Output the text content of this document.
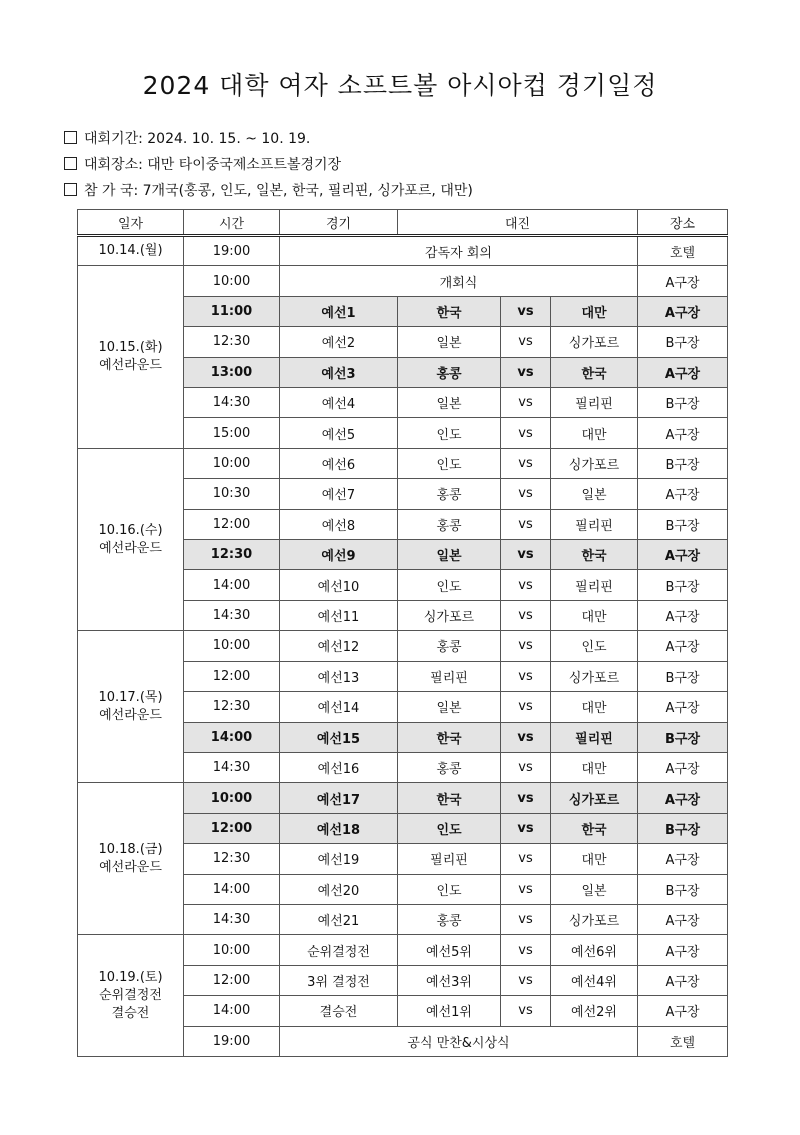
2024 대학 여자 소프트볼 아시아컵 경기일정
대회기간: 2024. 10. 15. ~ 10. 19.
대회장소: 대만 타이중국제소프트볼경기장
참 가 국: 7개국(홍콩, 인도, 일본, 한국, 필리핀, 싱가포르, 대만)
일자	시간	경기	대진			장소
10.14.(월)	19:00	감독자 회의				호텔
10.15.(화)
예선라운드	10:00	개회식				A구장
	11:00	예선1	한국	vs	대만	A구장
	12:30	예선2	일본	vs	싱가포르	B구장
	13:00	예선3	홍콩	vs	한국	A구장
	14:30	예선4	일본	vs	필리핀	B구장
	15:00	예선5	인도	vs	대만	A구장
10.16.(수)
예선라운드	10:00	예선6	인도	vs	싱가포르	B구장
	10:30	예선7	홍콩	vs	일본	A구장
	12:00	예선8	홍콩	vs	필리핀	B구장
	12:30	예선9	일본	vs	한국	A구장
	14:00	예선10	인도	vs	필리핀	B구장
	14:30	예선11	싱가포르	vs	대만	A구장
10.17.(목)
예선라운드	10:00	예선12	홍콩	vs	인도	A구장
	12:00	예선13	필리핀	vs	싱가포르	B구장
	12:30	예선14	일본	vs	대만	A구장
	14:00	예선15	한국	vs	필리핀	B구장
	14:30	예선16	홍콩	vs	대만	A구장
10.18.(금)
예선라운드	10:00	예선17	한국	vs	싱가포르	A구장
	12:00	예선18	인도	vs	한국	B구장
	12:30	예선19	필리핀	vs	대만	A구장
	14:00	예선20	인도	vs	일본	B구장
	14:30	예선21	홍콩	vs	싱가포르	A구장
10.19.(토)
순위결정전
결승전	10:00	순위결정전	예선5위	vs	예선6위	A구장
	12:00	3위 결정전	예선3위	vs	예선4위	A구장
	14:00	결승전	예선1위	vs	예선2위	A구장
	19:00	공식 만찬&시상식				호텔
